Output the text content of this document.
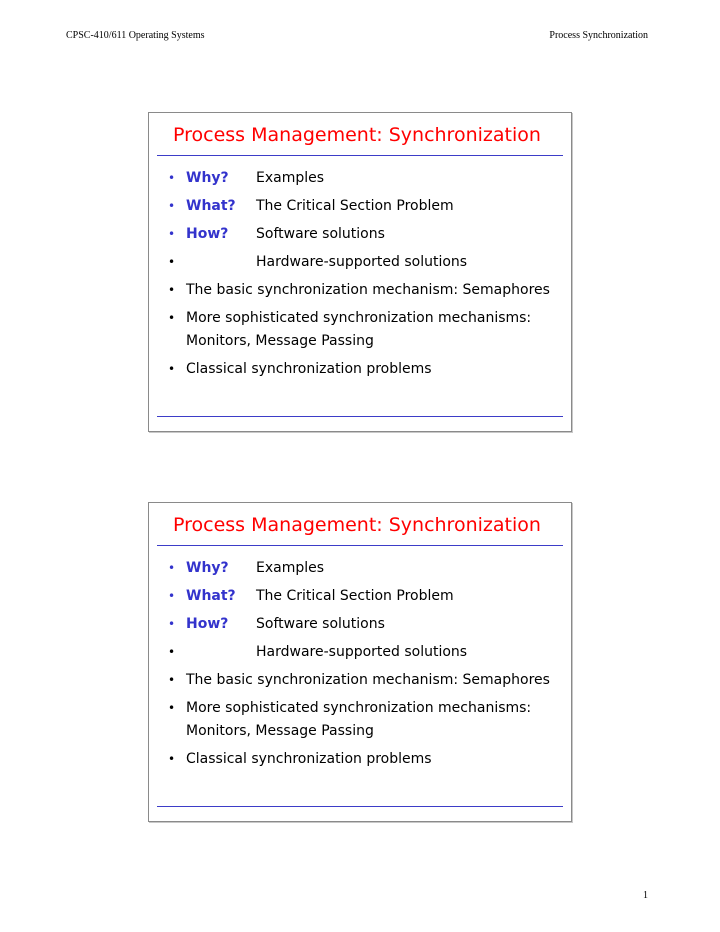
CPSC-410/611 Operating Systems	Process Synchronization
Process Management: Synchronization
• Why? Examples
• What? The Critical Section Problem
• How? Software solutions
•	Hardware-supported solutions
• The basic synchronization mechanism: Semaphores
• More sophisticated synchronization mechanisms: Monitors, Message Passing
• Classical synchronization problems
Process Management: Synchronization
• Why? Examples
• What? The Critical Section Problem
• How? Software solutions
•	Hardware-supported solutions
• The basic synchronization mechanism: Semaphores
• More sophisticated synchronization mechanisms: Monitors, Message Passing
• Classical synchronization problems
1
